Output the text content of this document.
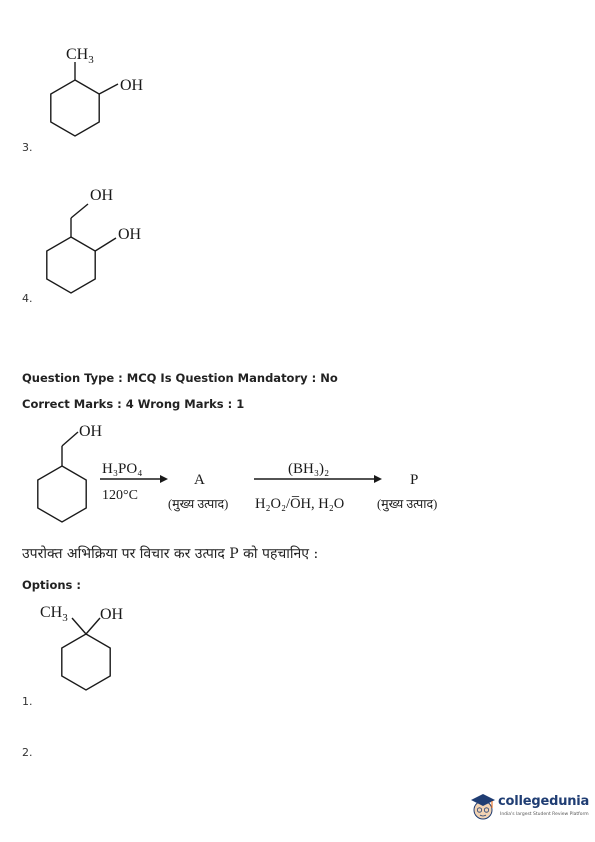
$CH_3$
OH
3.
OH
OH
4.
Question Type : MCQ Is Question Mandatory : No
Correct Marks : 4 Wrong Marks : 1
OH
H₃PO₄
120°C
A
(मुख्य उत्पाद)
(BH₃)₂
H₂O₂/O̅H, H₂O
P
(मुख्य उत्पाद)
उपरोक्त अभिक्रिया पर विचार कर उत्पाद P को पहचानिए :
Options :
$CH_3$ OH
1.
2.
collegedunia
India's largest Student Review Platform
